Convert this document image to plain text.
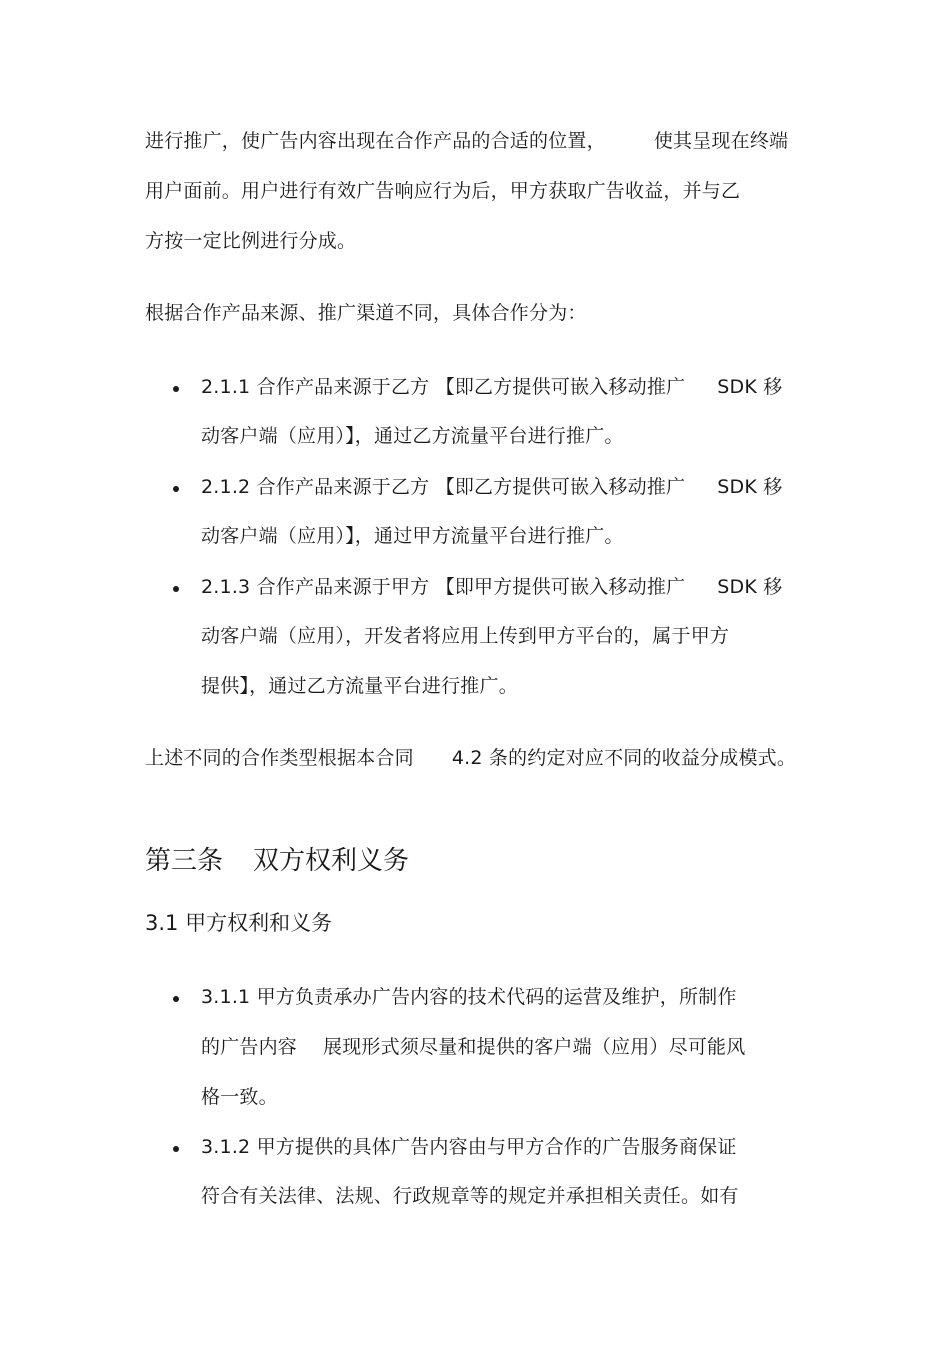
进行推广，使广告内容出现在合作产品的合适的位置，	使其呈现在终端
用户面前。用户进行有效广告响应行为后，甲方获取广告收益，并与乙
方按一定比例进行分成。
根据合作产品来源、推广渠道不同，具体合作分为：
2.1.1 合作产品来源于乙方 【即乙方提供可嵌入移动推广 SDK 移
动客户端（应用）】，通过乙方流量平台进行推广。
2.1.2 合作产品来源于乙方 【即乙方提供可嵌入移动推广 SDK 移
动客户端（应用）】，通过甲方流量平台进行推广。
2.1.3 合作产品来源于甲方 【即甲方提供可嵌入移动推广 SDK 移
动客户端（应用），开发者将应用上传到甲方平台的，属于甲方
提供】，通过乙方流量平台进行推广。
上述不同的合作类型根据本合同 4.2 条的约定对应不同的收益分成模式。
第三条 双方权利义务
3.1 甲方权利和义务
3.1.1 甲方负责承办广告内容的技术代码的运营及维护，所制作
的广告内容 展现形式须尽量和提供的客户端（应用）尽可能风
格一致。
3.1.2 甲方提供的具体广告内容由与甲方合作的广告服务商保证
符合有关法律、法规、行政规章等的规定并承担相关责任。如有
